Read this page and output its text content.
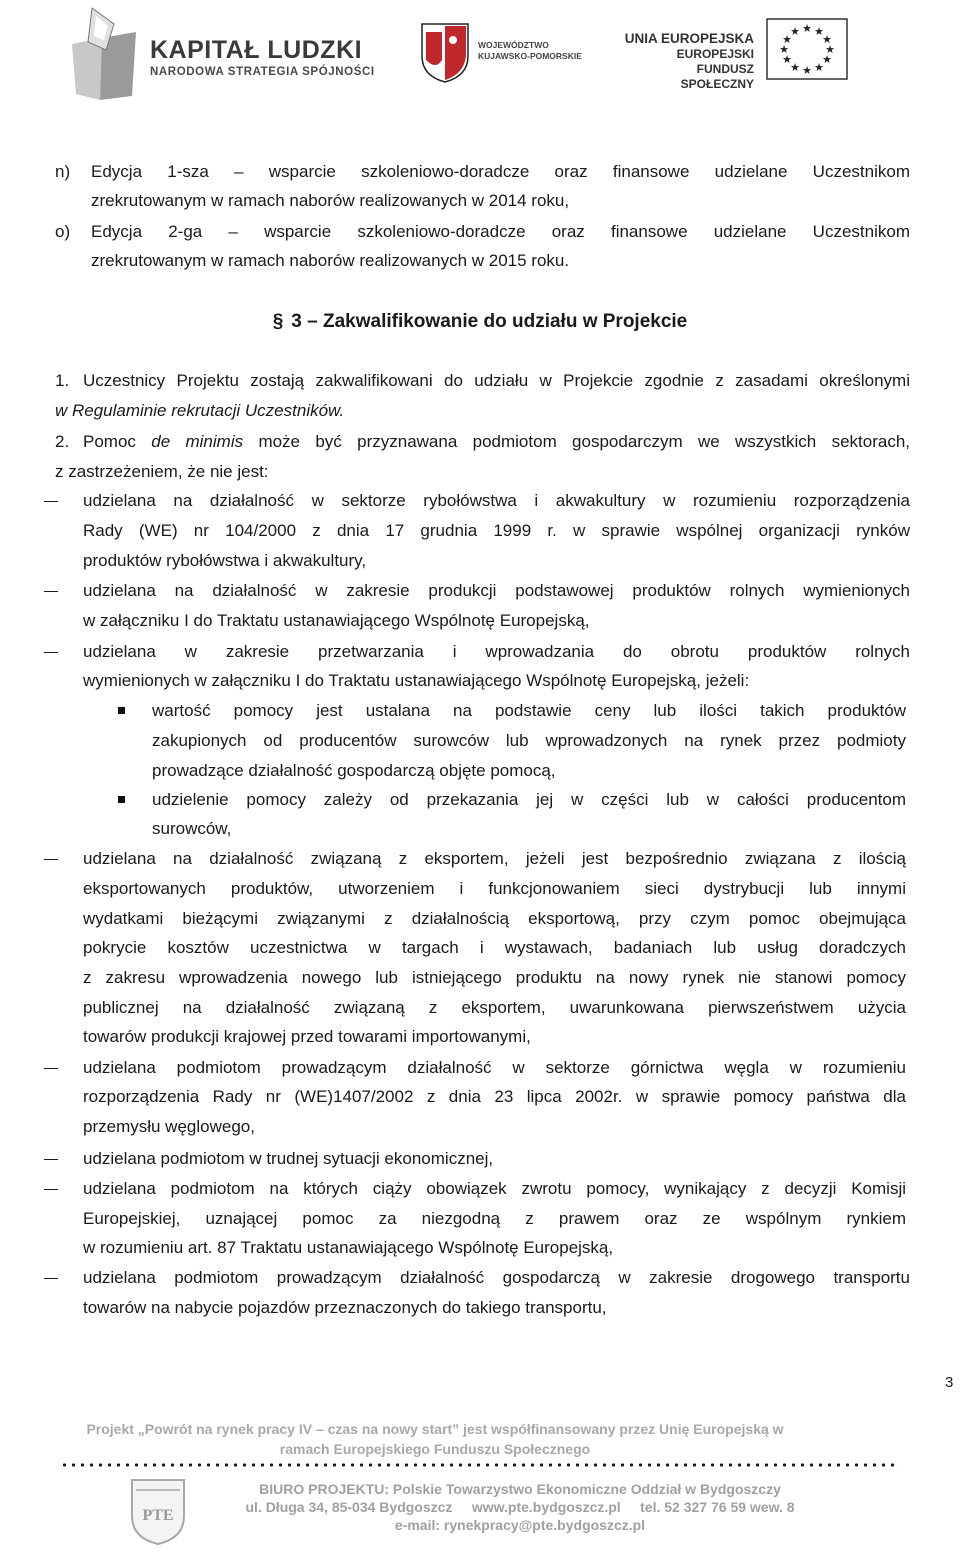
KAPITAŁ LUDZKI
NARODOWA STRATEGIA SPÓJNOŚCI
WOJEWÓDZTWO
KUJAWSKO-POMORSKIE
UNIA EUROPEJSKA
EUROPEJSKI
FUNDUSZ SPOŁECZNY
★ ★
★
★
★
★
★
★
★
★
★
★
n) Edycja 1-sza – wsparcie szkoleniowo-doradcze oraz finansowe udzielane Uczestnikom
zrekrutowanym w ramach naborów realizowanych w 2014 roku,
o) Edycja 2-ga – wsparcie szkoleniowo-doradcze oraz finansowe udzielane Uczestnikom
zrekrutowanym w ramach naborów realizowanych w 2015 roku.
§ 3 – Zakwalifikowanie do udziału w Projekcie
1. Uczestnicy Projektu zostają zakwalifikowani do udziału w Projekcie zgodnie z zasadami określonymi
w Regulaminie rekrutacji Uczestników.
2. Pomoc de minimis może być przyznawana podmiotom gospodarczym we wszystkich sektorach,
z zastrzeżeniem, że nie jest:
udzielana na działalność w sektorze rybołówstwa i akwakultury w rozumieniu rozporządzenia
Rady (WE) nr 104/2000 z dnia 17 grudnia 1999 r. w sprawie wspólnej organizacji rynków
produktów rybołówstwa i akwakultury,
udzielana na działalność w zakresie produkcji podstawowej produktów rolnych wymienionych
w załączniku I do Traktatu ustanawiającego Wspólnotę Europejską,
udzielana w zakresie przetwarzania i wprowadzania do obrotu produktów rolnych
wymienionych w załączniku I do Traktatu ustanawiającego Wspólnotę Europejską, jeżeli:
wartość pomocy jest ustalana na podstawie ceny lub ilości takich produktów
zakupionych od producentów surowców lub wprowadzonych na rynek przez podmioty
prowadzące działalność gospodarczą objęte pomocą,
udzielenie pomocy zależy od przekazania jej w części lub w całości producentom
surowców,
udzielana na działalność związaną z eksportem, jeżeli jest bezpośrednio związana z ilością
eksportowanych produktów, utworzeniem i funkcjonowaniem sieci dystrybucji lub innymi
wydatkami bieżącymi związanymi z działalnością eksportową, przy czym pomoc obejmująca
pokrycie kosztów uczestnictwa w targach i wystawach, badaniach lub usług doradczych
z zakresu wprowadzenia nowego lub istniejącego produktu na nowy rynek nie stanowi pomocy
publicznej na działalność związaną z eksportem, uwarunkowana pierwszeństwem użycia
towarów produkcji krajowej przed towarami importowanymi,
udzielana podmiotom prowadzącym działalność w sektorze górnictwa węgla w rozumieniu
rozporządzenia Rady nr (WE)1407/2002 z dnia 23 lipca 2002r. w sprawie pomocy państwa dla
przemysłu węglowego,
udzielana podmiotom w trudnej sytuacji ekonomicznej,
udzielana podmiotom na których ciąży obowiązek zwrotu pomocy, wynikający z decyzji Komisji
Europejskiej, uznającej pomoc za niezgodną z prawem oraz ze wspólnym rynkiem
w rozumieniu art. 87 Traktatu ustanawiającego Wspólnotę Europejską,
udzielana podmiotom prowadzącym działalność gospodarczą w zakresie drogowego transportu
towarów na nabycie pojazdów przeznaczonych do takiego transportu,
3
Projekt „Powrót na rynek pracy IV – czas na nowy start” jest współfinansowany przez Unię Europejską w
ramach Europejskiego Funduszu Społecznego
PTE
BIURO PROJEKTU: Polskie Towarzystwo Ekonomiczne Oddział w Bydgoszczy
ul. Długa 34, 85-034 Bydgoszcz     www.pte.bydgoszcz.pl     tel. 52 327 76 59 wew. 8
e-mail: rynekpracy@pte.bydgoszcz.pl
